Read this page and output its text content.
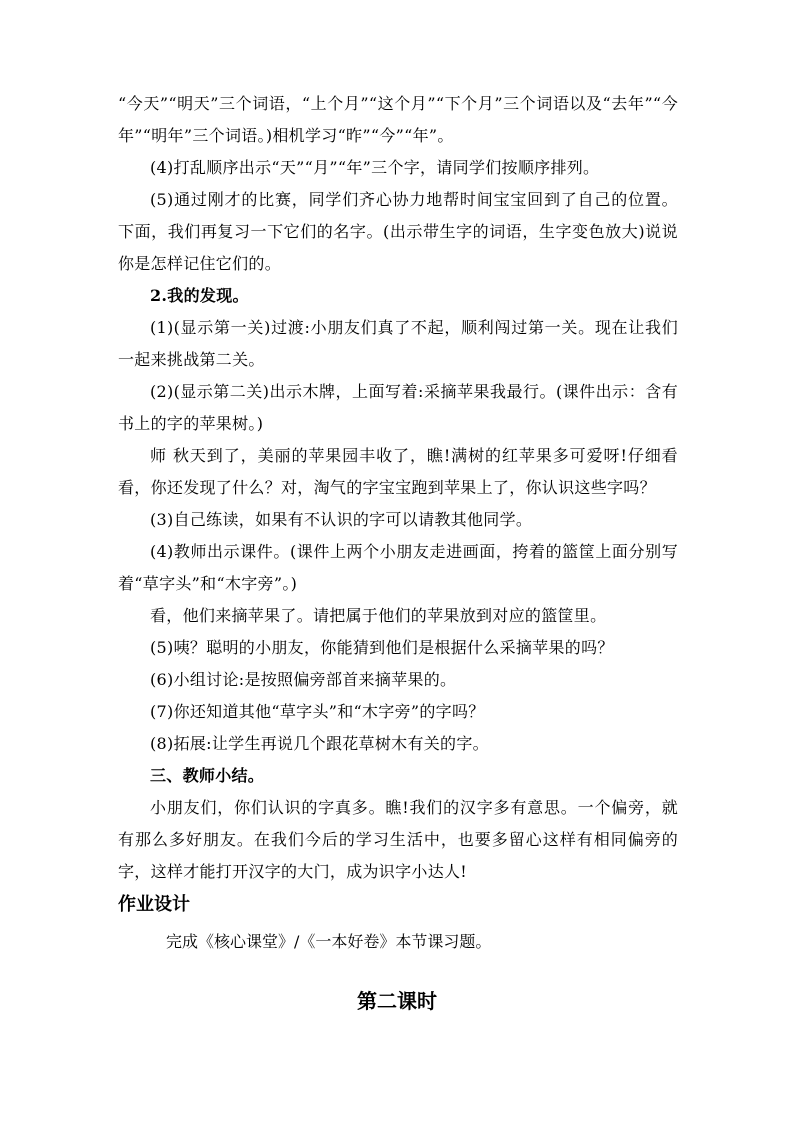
“今天”“明天”三个词语，“上个月”“这个月”“下个月”三个词语以及“去年”“今年”“明年”三个词语。)相机学习“昨”“今”“年”。

(4)打乱顺序出示“天”“月”“年”三个字，请同学们按顺序排列。

(5)通过刚才的比赛，同学们齐心协力地帮时间宝宝回到了自己的位置。下面，我们再复习一下它们的名字。(出示带生字的词语，生字变色放大)说说你是怎样记住它们的。

2.我的发现。

(1)(显示第一关)过渡:小朋友们真了不起，顺利闯过第一关。现在让我们一起来挑战第二关。

(2)(显示第二关)出示木牌，上面写着:采摘苹果我最行。(课件出示：含有书上的字的苹果树。)

师 秋天到了，美丽的苹果园丰收了，瞧!满树的红苹果多可爱呀!仔细看看，你还发现了什么？对，淘气的字宝宝跑到苹果上了，你认识这些字吗？

(3)自己练读，如果有不认识的字可以请教其他同学。

(4)教师出示课件。(课件上两个小朋友走进画面，挎着的篮筐上面分别写着“草字头”和“木字旁”。)

看，他们来摘苹果了。请把属于他们的苹果放到对应的篮筐里。

(5)咦？聪明的小朋友，你能猜到他们是根据什么采摘苹果的吗？

(6)小组讨论:是按照偏旁部首来摘苹果的。

(7)你还知道其他“草字头”和“木字旁”的字吗？

(8)拓展:让学生再说几个跟花草树木有关的字。

三、教师小结。

小朋友们，你们认识的字真多。瞧!我们的汉字多有意思。一个偏旁，就有那么多好朋友。在我们今后的学习生活中，也要多留心这样有相同偏旁的字，这样才能打开汉字的大门，成为识字小达人!

作业设计

完成《核心课堂》/《一本好卷》本节课习题。

第二课时
